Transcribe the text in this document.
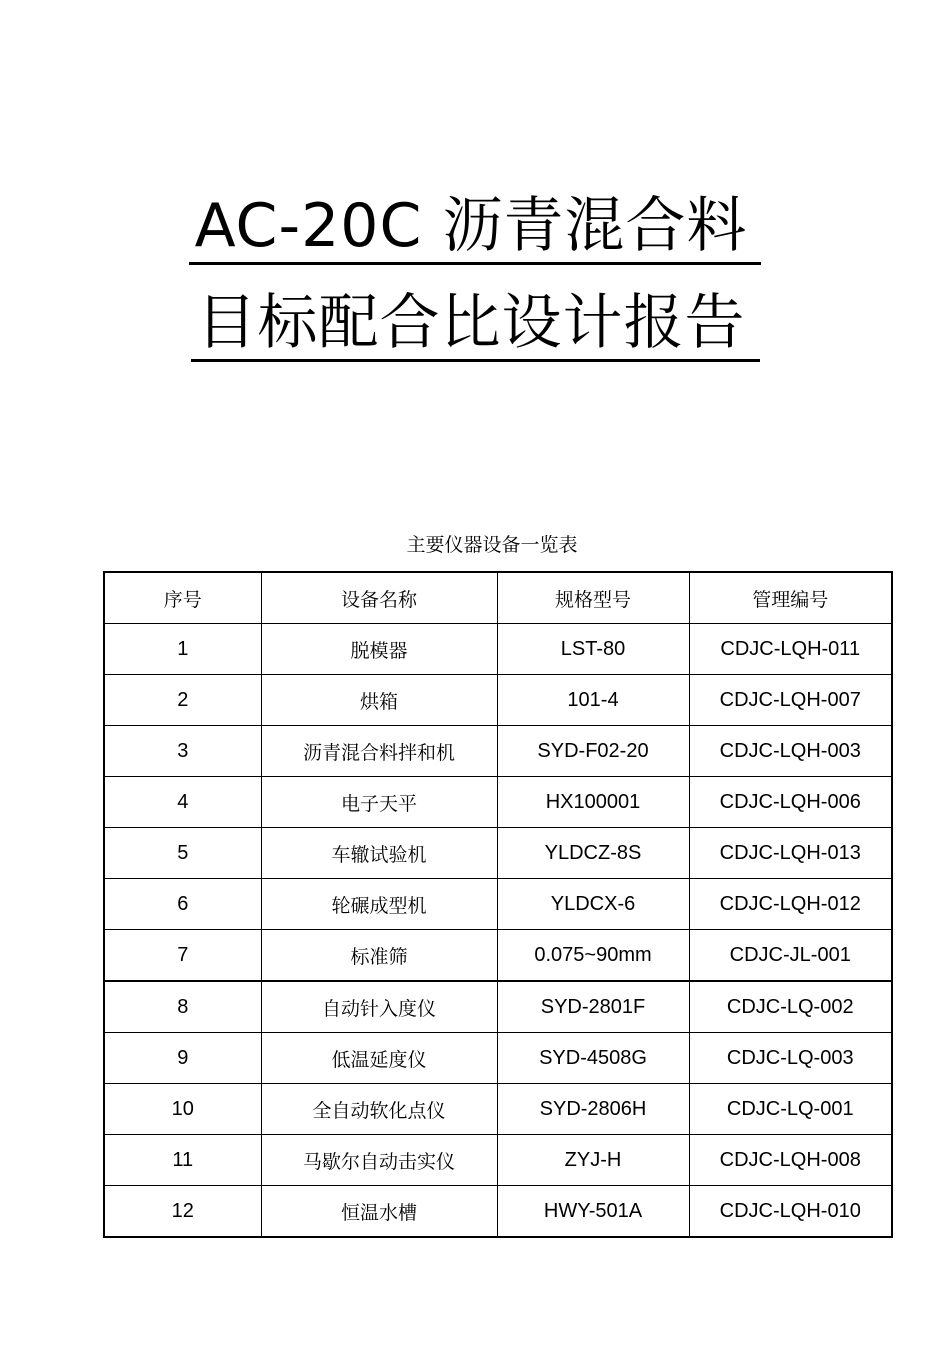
AC-20C 沥青混合料
目标配合比设计报告
主要仪器设备一览表
序号	设备名称	规格型号	管理编号
1	脱模器	LST-80	CDJC-LQH-011
2	烘箱	101-4	CDJC-LQH-007
3	沥青混合料拌和机	SYD-F02-20	CDJC-LQH-003
4	电子天平	HX100001	CDJC-LQH-006
5	车辙试验机	YLDCZ-8S	CDJC-LQH-013
6	轮碾成型机	YLDCX-6	CDJC-LQH-012
7	标准筛	0.075~90mm	CDJC-JL-001
8	自动针入度仪	SYD-2801F	CDJC-LQ-002
9	低温延度仪	SYD-4508G	CDJC-LQ-003
10	全自动软化点仪	SYD-2806H	CDJC-LQ-001
11	马歇尔自动击实仪	ZYJ-H	CDJC-LQH-008
12	恒温水槽	HWY-501A	CDJC-LQH-010
